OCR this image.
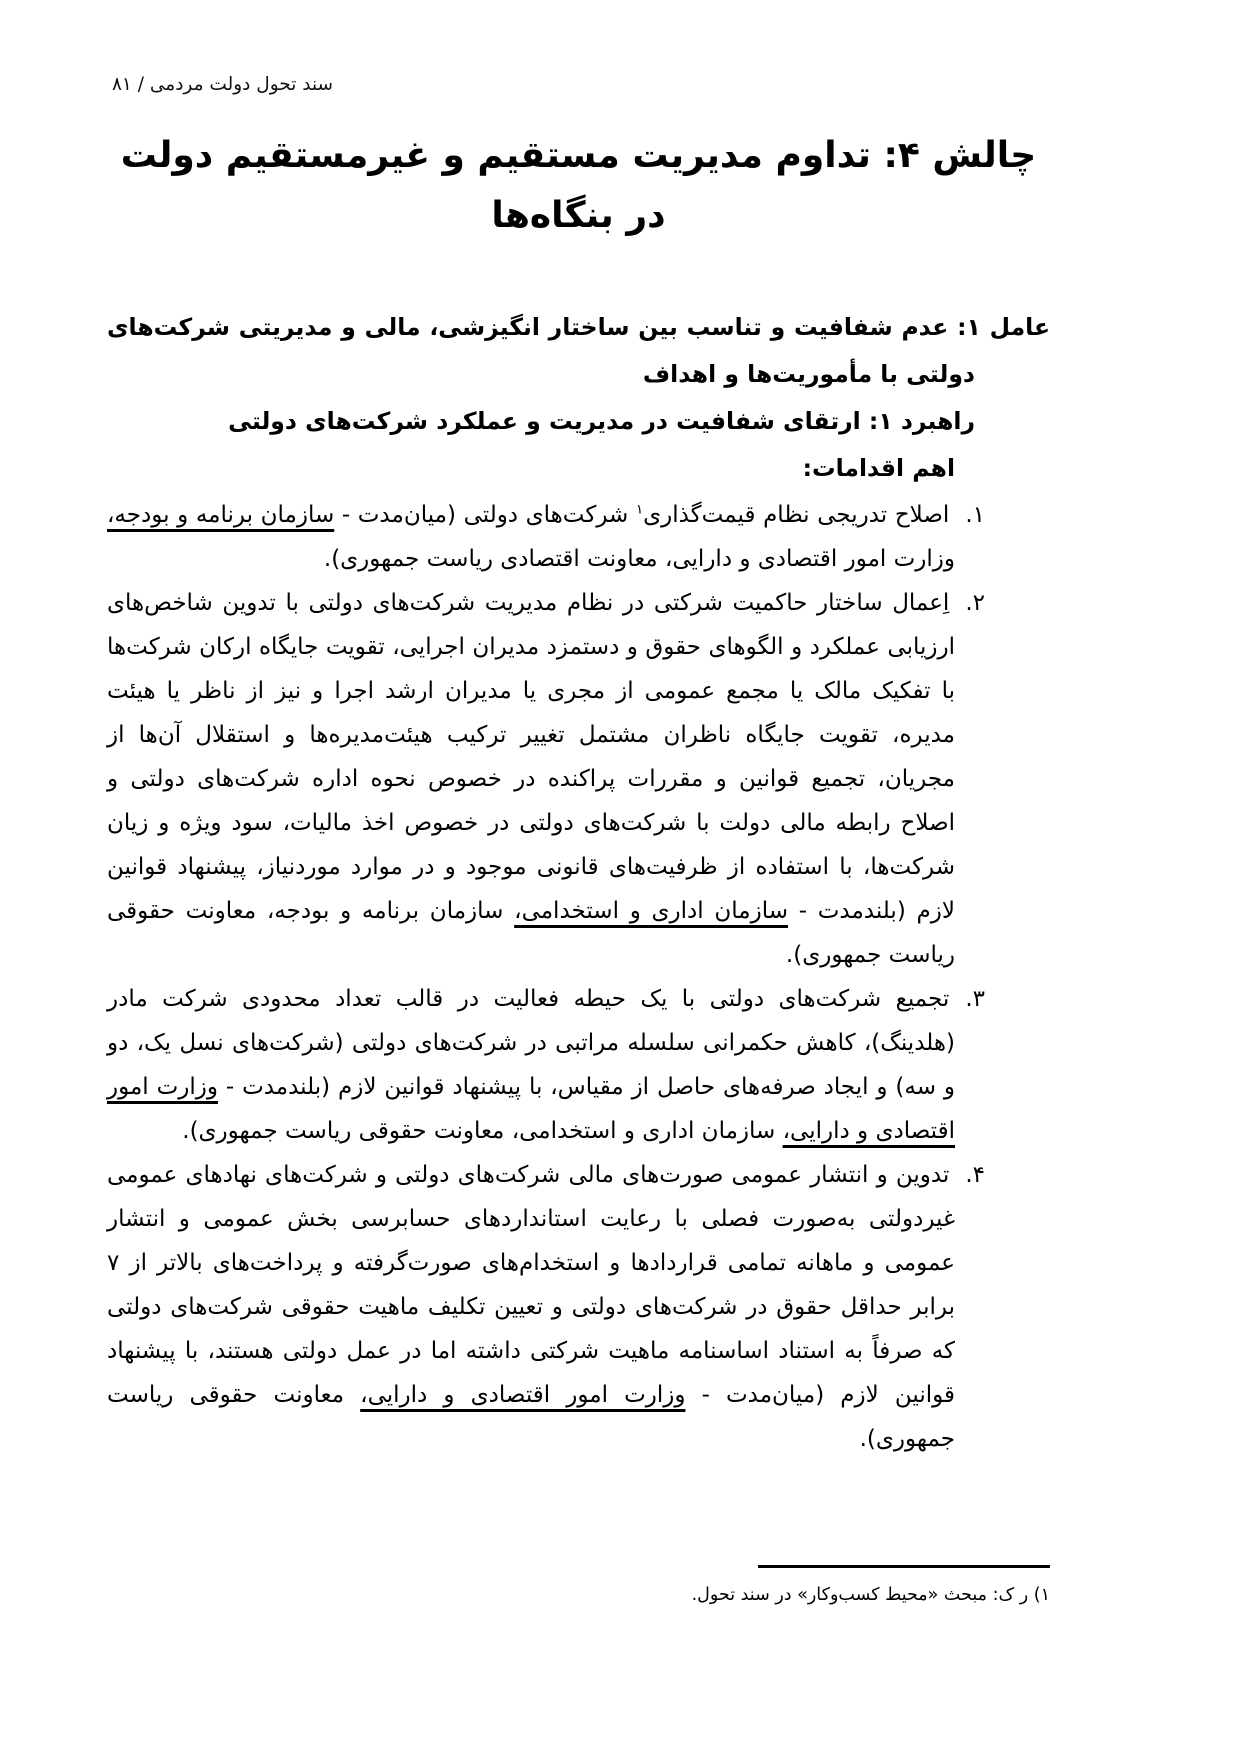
سند تحول دولت مردمی / ۸۱
چالش ۴: تداوم مدیریت مستقیم و غیرمستقیم دولت در بنگاه‌ها

عامل ۱: عدم شفافیت و تناسب بین ساختار انگیزشی، مالی و مدیریتی شرکت‌های دولتی با مأموریت‌ها و اهداف

راهبرد ۱: ارتقای شفافیت در مدیریت و عملکرد شرکت‌های دولتی

اهم اقدامات:

۱.اصلاح تدریجی نظام قیمت‌گذاری$^۱$ شرکت‌های دولتی (میان‌مدت - سازمان برنامه و بودجه، وزارت امور اقتصادی و دارایی، معاونت اقتصادی ریاست جمهوری).

۲.اِعمال ساختار حاکمیت شرکتی در نظام مدیریت شرکت‌های دولتی با تدوین شاخص‌های ارزیابی عملکرد و الگوهای حقوق و دستمزد مدیران اجرایی، تقویت جایگاه ارکان شرکت‌ها با تفکیک مالک یا مجمع عمومی از مجری یا مدیران ارشد اجرا و نیز از ناظر یا هیئت مدیره، تقویت جایگاه ناظران مشتمل تغییر ترکیب هیئت‌مدیره‌ها و استقلال آن‌ها از مجریان، تجمیع قوانین و مقررات پراکنده در خصوص نحوه اداره شرکت‌های دولتی و اصلاح رابطه مالی دولت با شرکت‌های دولتی در خصوص اخذ مالیات، سود ویژه و زیان شرکت‌ها، با استفاده از ظرفیت‌های قانونی موجود و در موارد موردنیاز، پیشنهاد قوانین لازم (بلندمدت - سازمان اداری و استخدامی، سازمان برنامه و بودجه، معاونت حقوقی ریاست جمهوری).

۳.تجمیع شرکت‌های دولتی با یک حیطه فعالیت در قالب تعداد محدودی شرکت مادر (هلدینگ)، کاهش حکمرانی سلسله مراتبی در شرکت‌های دولتی (شرکت‌های نسل یک، دو و سه) و ایجاد صرفه‌های حاصل از مقیاس، با پیشنهاد قوانین لازم (بلندمدت - وزارت امور اقتصادی و دارایی، سازمان اداری و استخدامی، معاونت حقوقی ریاست جمهوری).

۴.تدوین و انتشار عمومی صورت‌های مالی شرکت‌های دولتی و شرکت‌های نهادهای عمومی غیردولتی به‌صورت فصلی با رعایت استانداردهای حسابرسی بخش عمومی و انتشار عمومی و ماهانه تمامی قراردادها و استخدام‌های صورت‌گرفته و پرداخت‌های بالاتر از ۷ برابر حداقل حقوق در شرکت‌های دولتی و تعیین تکلیف ماهیت حقوقی شرکت‌های دولتی که صرفاً به استناد اساسنامه ماهیت شرکتی داشته اما در عمل دولتی هستند، با پیشنهاد قوانین لازم (میان‌مدت - وزارت امور اقتصادی و دارایی، معاونت حقوقی ریاست جمهوری).

۱) ر ک: مبحث «محیط کسب‌وکار» در سند تحول.
